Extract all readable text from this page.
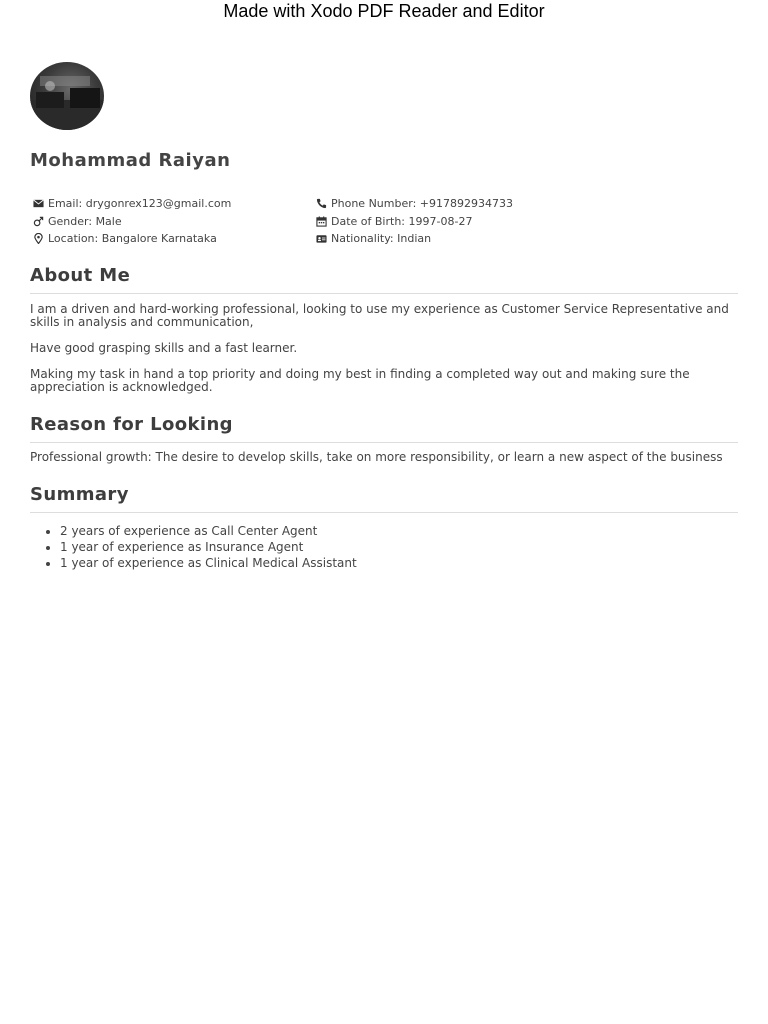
Made with Xodo PDF Reader and Editor
Mohammad Raiyan
Email:
drygonrex123@gmail.com
Gender:
Male
Location:
Bangalore Karnataka
Phone Number:
+917892934733
Date of Birth:
1997-08-27
Nationality:
Indian
About Me

I am a driven and hard-working professional, looking to use my experience as Customer Service Representative and skills in analysis and communication,

Have good grasping skills and a fast learner.

Making my task in hand a top priority and doing my best in finding a completed way out and making sure the appreciation is acknowledged.

Reason for Looking

Professional growth: The desire to develop skills, take on more responsibility, or learn a new aspect of the business

Summary
• 2 years of experience as Call Center Agent
• 1 year of experience as Insurance Agent
• 1 year of experience as Clinical Medical Assistant
